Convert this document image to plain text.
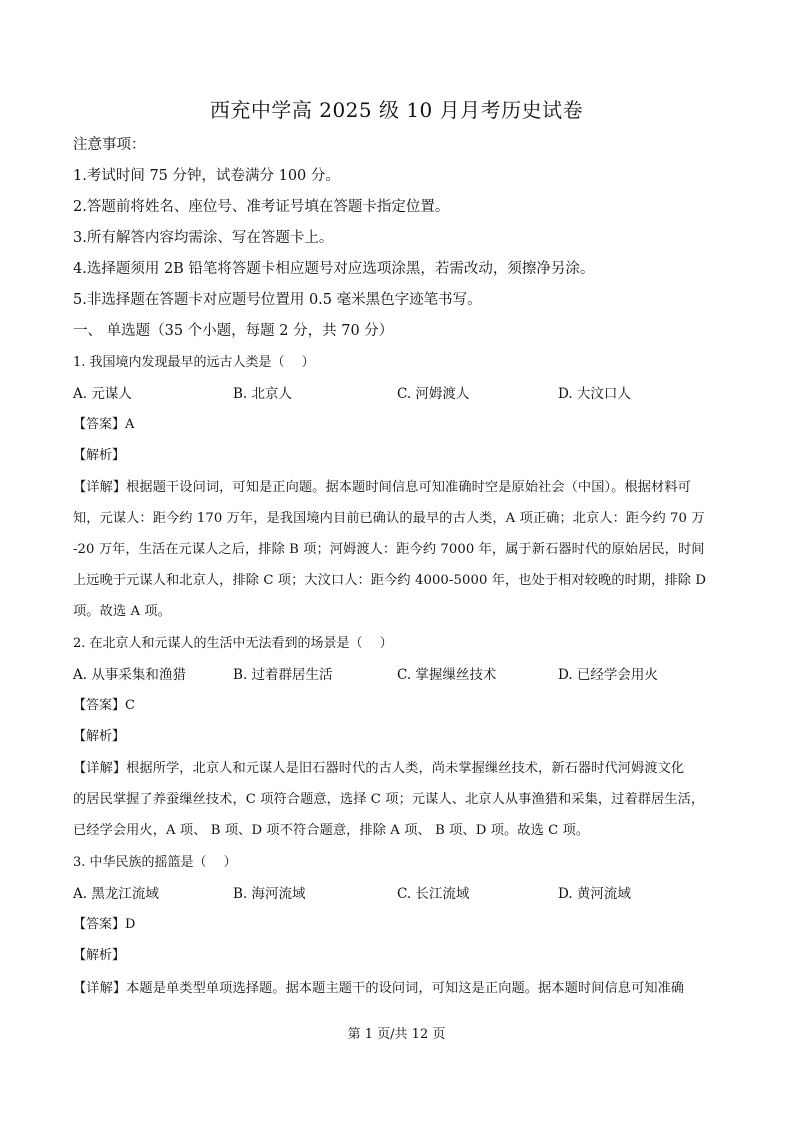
西充中学高 2025 级 10 月月考历史试卷
注意事项：
1.考试时间 75 分钟，试卷满分 100 分。
2.答题前将姓名、座位号、准考证号填在答题卡指定位置。
3.所有解答内容均需涂、写在答题卡上。
4.选择题须用 2B 铅笔将答题卡相应题号对应选项涂黑，若需改动，须擦净另涂。
5.非选择题在答题卡对应题号位置用 0.5 毫米黑色字迹笔书写。
一、 单选题（35 个小题，每题 2 分，共 70 分）
1. 我国境内发现最早的远古人类是（　 ）
A. 元谋人	B. 北京人	C. 河姆渡人	D. 大汶口人
【答案】A
【解析】
【详解】根据题干设问词，可知是正向题。据本题时间信息可知准确时空是原始社会（中国）。根据材料可
知，元谋人：距今约 170 万年，是我国境内目前已确认的最早的古人类，A 项正确；北京人：距今约 70 万
-20 万年，生活在元谋人之后，排除 B 项；河姆渡人：距今约 7000 年，属于新石器时代的原始居民，时间
上远晚于元谋人和北京人，排除 C 项；大汶口人：距今约 4000-5000 年，也处于相对较晚的时期，排除 D
项。故选 A 项。
2. 在北京人和元谋人的生活中无法看到的场景是（　 ）
A. 从事采集和渔猎	B. 过着群居生活	C. 掌握缫丝技术	D. 已经学会用火
【答案】C
【解析】
【详解】根据所学，北京人和元谋人是旧石器时代的古人类，尚未掌握缫丝技术，新石器时代河姆渡文化
的居民掌握了养蚕缫丝技术，C 项符合题意，选择 C 项；元谋人、北京人从事渔猎和采集，过着群居生活，
已经学会用火，A 项、 B 项、D 项不符合题意，排除 A 项、 B 项、D 项。故选 C 项。
3. 中华民族的摇篮是（　 ）
A. 黑龙江流域	B. 海河流域	C. 长江流域	D. 黄河流域
【答案】D
【解析】
【详解】本题是单类型单项选择题。据本题主题干的设问词，可知这是正向题。据本题时间信息可知准确
第 1 页/共 12 页
